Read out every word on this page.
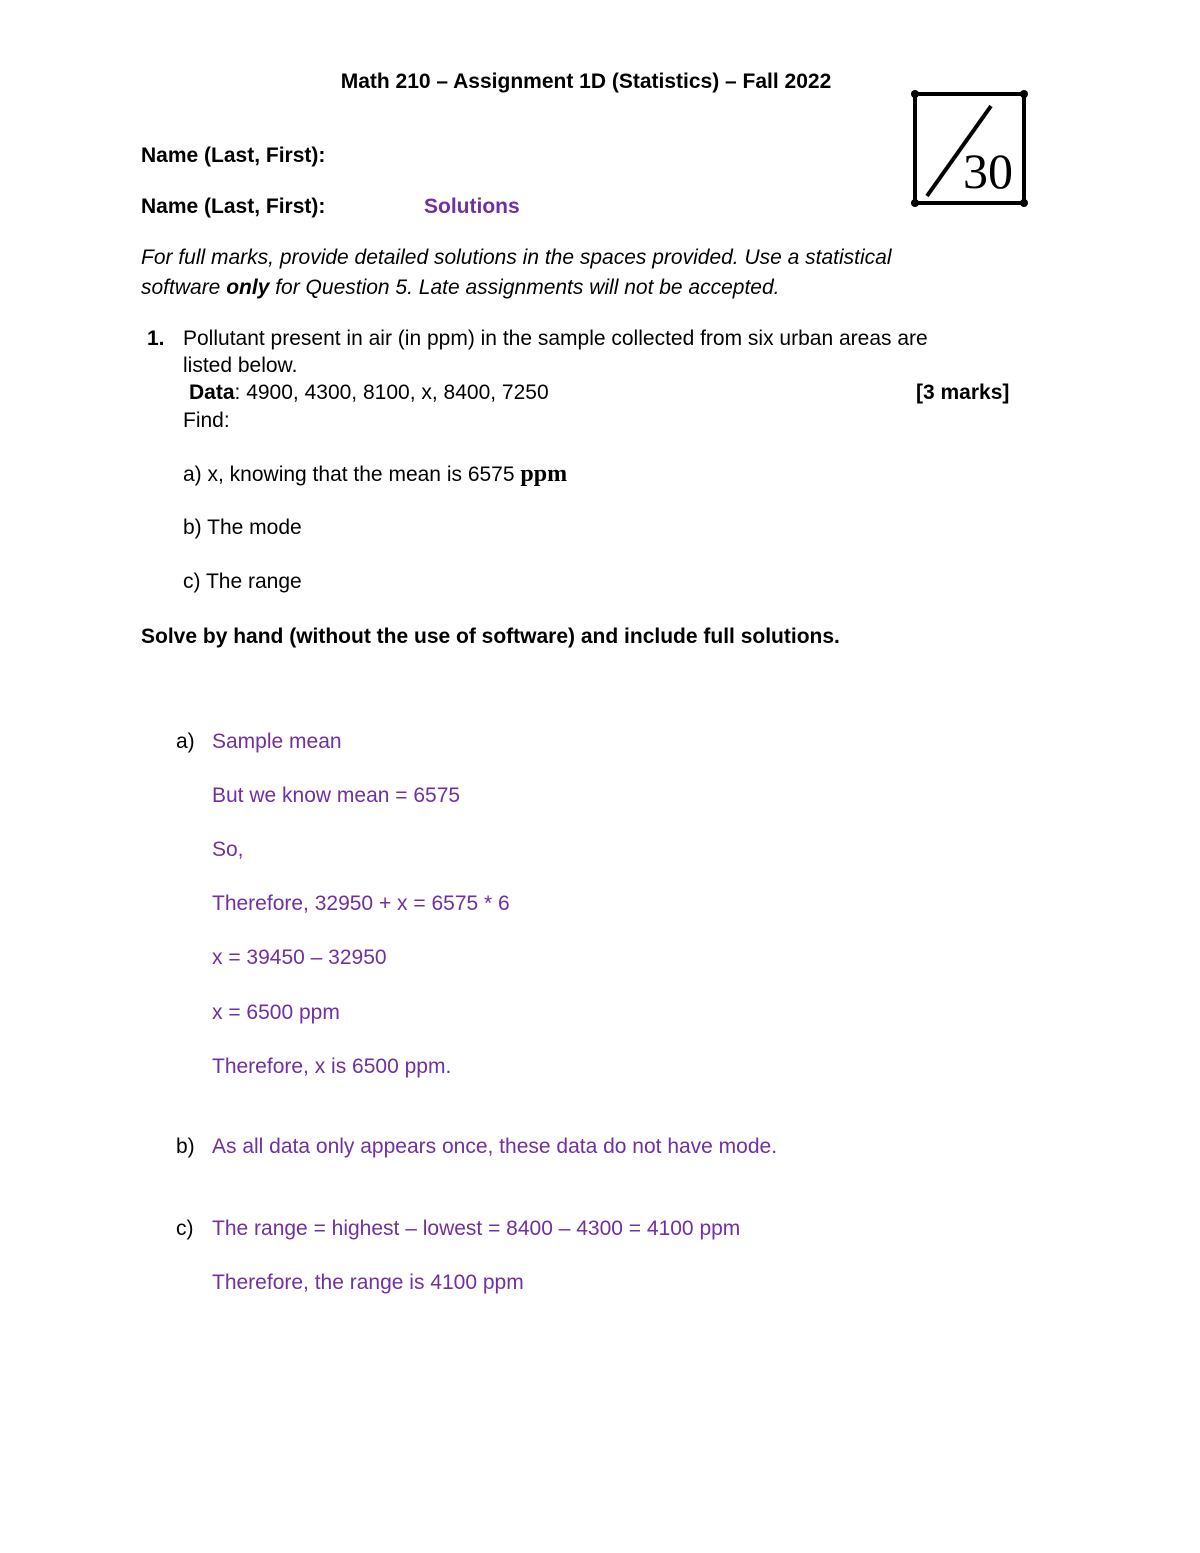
Math 210 – Assignment 1D (Statistics) – Fall 2022
30
Name (Last, First):
Name (Last, First):	Solutions
For full marks, provide detailed solutions in the spaces provided. Use a statistical
software only for Question 5. Late assignments will not be accepted.
1. Pollutant present in air (in ppm) in the sample collected from six urban areas are
listed below.
Data: 4900, 4300, 8100, x, 8400, 7250	[3 marks]
Find:
a) x, knowing that the mean is 6575 ppm
b) The mode
c) The range
Solve by hand (without the use of software) and include full solutions.
a) Sample mean
But we know mean = 6575
So,
Therefore, 32950 + x = 6575 * 6
x = 39450 – 32950
x = 6500 ppm
Therefore, x is 6500 ppm.
b) As all data only appears once, these data do not have mode.
c) The range = highest – lowest = 8400 – 4300 = 4100 ppm
Therefore, the range is 4100 ppm
